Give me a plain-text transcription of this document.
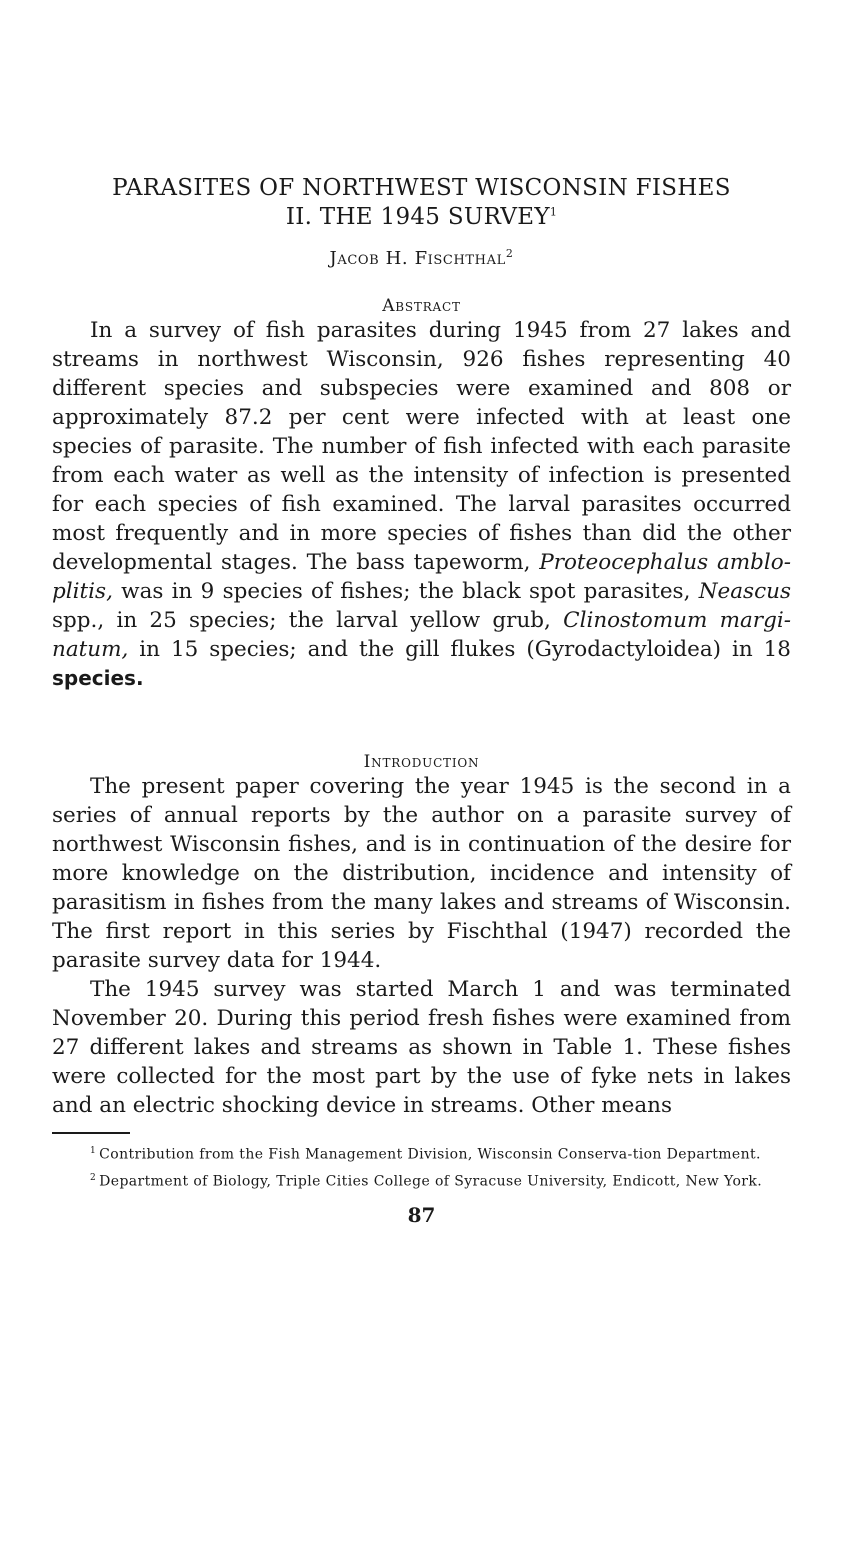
PARASITES OF NORTHWEST WISCONSIN FISHES
II. THE 1945 SURVEY$^1$
Jacob H. Fischthal$^2$
Abstract

In a survey of fish parasites during 1945 from 27 lakes and streams in northwest Wisconsin, 926 fishes representing 40 different species and subspecies were examined and 808 or approximately 87.2 per cent were infected with at least one species of parasite. The number of fish infected with each parasite from each water as well as the intensity of infection is presented for each species of fish examined. The larval parasites occurred most frequently and in more species of fishes than did the other developmental stages. The bass tapeworm, Proteocephalus amblo-plitis, was in 9 species of fishes; the black spot parasites, Neascus spp., in 25 species; the larval yellow grub, Clinostomum margi-natum, in 15 species; and the gill flukes (Gyrodactyloidea) in 18 species.

Introduction

The present paper covering the year 1945 is the second in a series of annual reports by the author on a parasite survey of northwest Wisconsin fishes, and is in continuation of the desire for more knowledge on the distribution, incidence and intensity of parasitism in fishes from the many lakes and streams of Wisconsin. The first report in this series by Fischthal (1947) recorded the parasite survey data for 1944.

The 1945 survey was started March 1 and was terminated November 20. During this period fresh fishes were examined from 27 different lakes and streams as shown in Table 1. These fishes were collected for the most part by the use of fyke nets in lakes and an electric shocking device in streams. Other means

$^1$ Contribution from the Fish Management Division, Wisconsin Conserva-tion Department.

$^2$ Department of Biology, Triple Cities College of Syracuse University, Endicott, New York.

87
